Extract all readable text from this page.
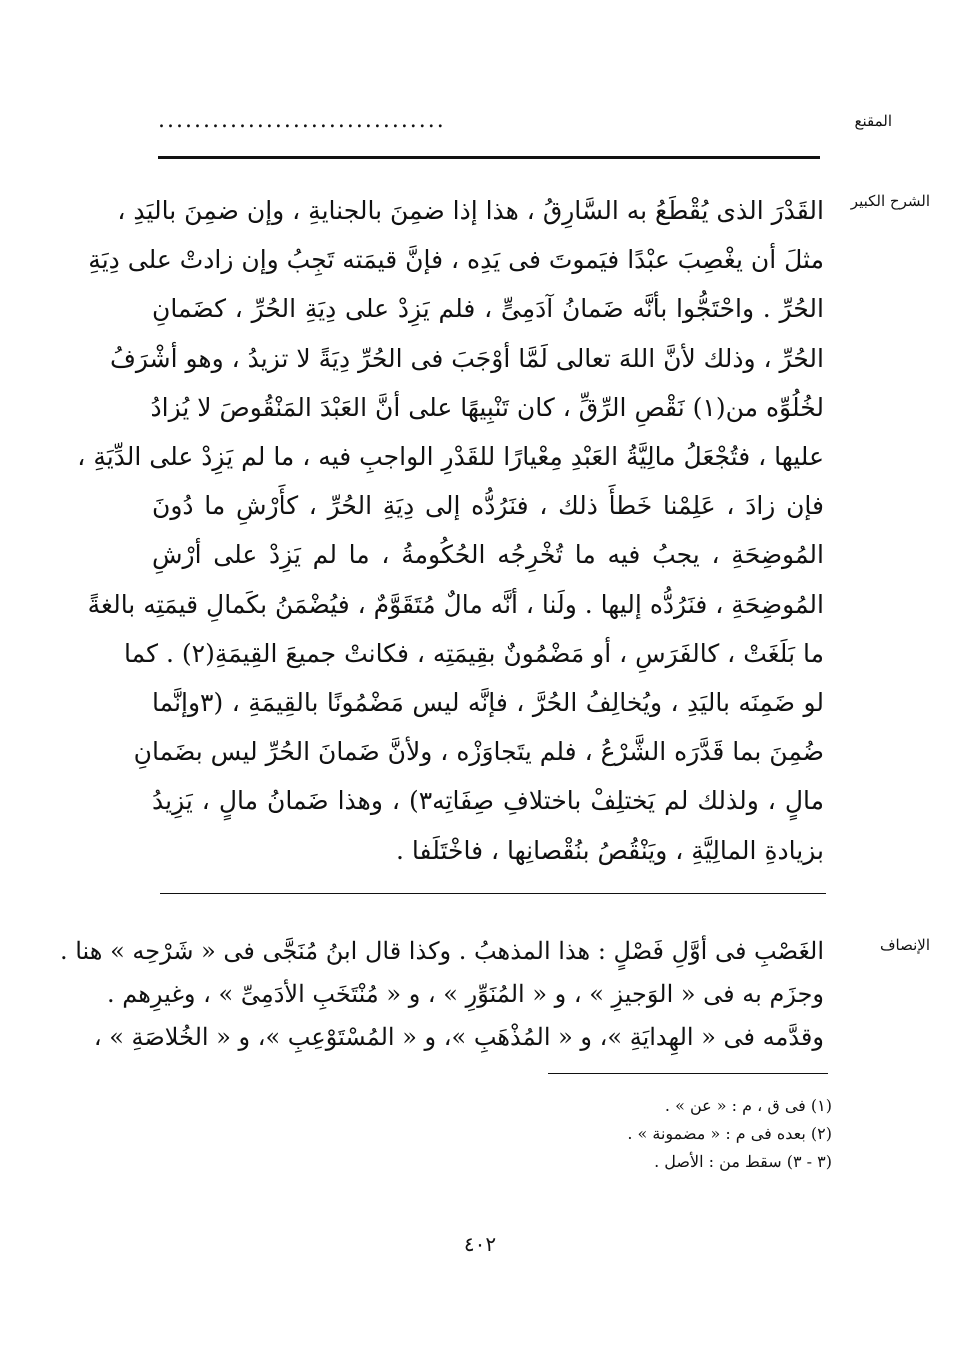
المقنع
................................
الشرح الكبير
القَدْرَ الذى يُقْطَعُ به السَّارِقُ ، هذا إذا ضمِنَ بالجنايةِ ، وإن ضمِنَ باليَدِ ،
مثلَ أن يغْصِبَ عبْدًا فيَموتَ فى يَدِه ، فإنَّ قيمَته تَجِبُ وإن زادتْ على دِيَةِ
الحُرِّ . واحْتَجُّوا بأنَّه ضَمانُ آدَمِىٍّ ، فلم يَزِدْ على دِيَةِ الحُرِّ ، كضَمانِ
الحُرِّ ، وذلك لأنَّ اللهَ تعالى لَمَّا أوْجَبَ فى الحُرِّ دِيَةً لا تزيدُ ، وهو أشْرَفُ
لخُلُوِّه من(١) نَقْصِ الرِّقِّ ، كان تَنْبِيهًا على أنَّ العَبْدَ المَنْقُوصَ لا يُزادُ
عليها ، فتُجْعَلُ مالِيَّةُ العَبْدِ مِعْيارًا للقَدْرِ الواجبِ فيه ، ما لم يَزِدْ على الدِّيَةِ ،
فإن زادَ ، عَلِمْنا خَطأَ ذلك ، فنَرُدُّه إلى دِيَةِ الحُرِّ ، كأَرْشِ ما دُونَ
المُوضِحَةِ ، يجبُ فيه ما تُخْرِجُه الحُكُومةُ ، ما لم يَزِدْ على أرْشِ
المُوضِحَةِ ، فنَرُدُّه إليها . ولَنا ، أنَّه مالٌ مُتَقَوَّمٌ ، فيُضْمَنُ بكَمالِ قيمَتِه بالغةً
ما بَلَغَتْ ، كالفَرَسِ ، أو مَضْمُونٌ بقِيمَتِه ، فكانتْ جميعَ القِيمَةِ(٢) . كما
لو ضَمِنَه باليَدِ ، ويُخالِفُ الحُرَّ ، فإنَّه ليس مَضْمُونًا بالقِيمَةِ ، (٣وإنَّما
ضُمِنَ بما قَدَّرَه الشَّرْعُ ، فلم يتَجاوَزْه ، ولأنَّ ضَمانَ الحُرِّ ليس بضَمانِ
مالٍ ، ولذلك لم يَختلِفْ باختلافِ صِفَاتِه٣) ، وهذا ضَمانُ مالٍ ، يَزِيدُ
بزيادةِ المالِيَّةِ ، ويَنْقُصُ بنُقْصانِها ، فاخْتَلَفا .
الإنصاف
الغَصْبِ فى أوَّلِ فَصْلٍ : هذا المذهبُ . وكذا قال ابنُ مُنَجَّى فى « شَرْحِه » هنا .
وجزَم به فى « الوَجيزِ » ، و « المُنَوِّرِ » ، و « مُنْتَخَبِ الأدَمِىِّ » ، وغيرِهم .
وقدَّمه فى « الهِدايَةِ »، و « المُذْهَبِ »، و « المُسْتَوْعِبِ »، و « الخُلاصَةِ » ،
(١) فى ق ، م : « عن » .
(٢) بعده فى م : « مضمونة » .
(٣ - ٣) سقط من : الأصل .
٤٠٢
